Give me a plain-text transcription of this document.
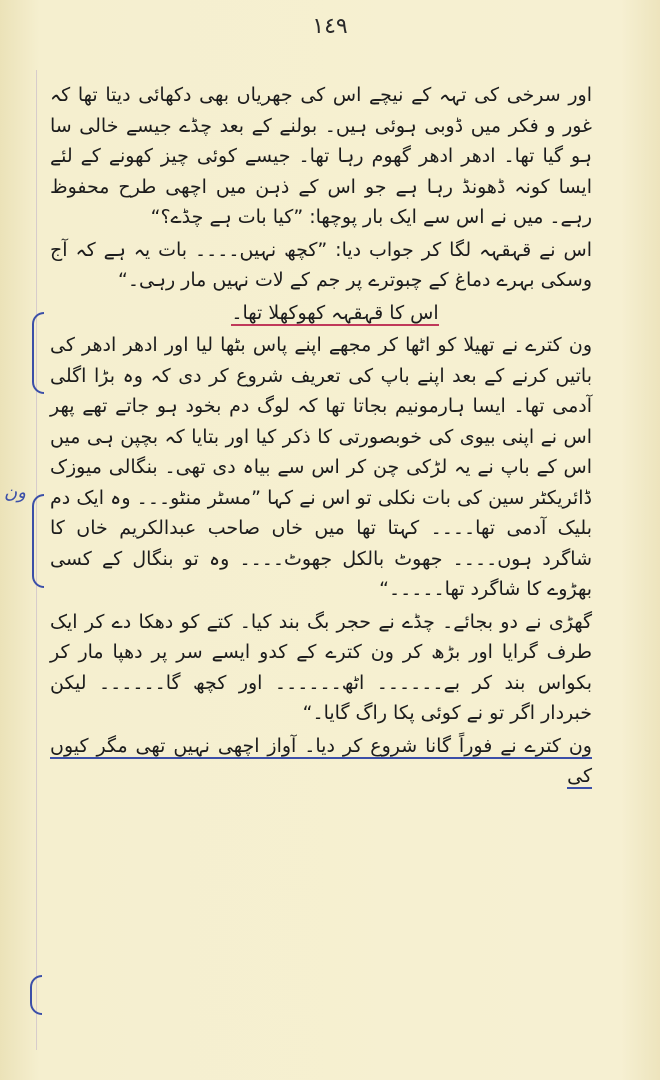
١٤٩
ون

اور سرخی کی تہہ کے نیچے اس کی جھریاں بھی دکھائی دیتا تھا کہ غور و فکر میں ڈوبی ہوئی ہیں۔ بولنے کے بعد چڈے جیسے خالی سا ہو گیا تھا۔ ادھر ادھر گھوم رہا تھا۔ جیسے کوئی چیز کھونے کے لئے ایسا کونہ ڈھونڈ رہا ہے جو اس کے ذہن میں اچھی طرح محفوظ رہے۔ میں نے اس سے ایک بار پوچھا: ”کیا بات ہے چڈے؟“

اس نے قہقہہ لگا کر جواب دیا: ”کچھ نہیں۔۔۔۔ بات یہ ہے کہ آج وسکی بہرے دماغ کے چبوترے پر جم کے لات نہیں مار رہی۔“

اس کا قہقہہ کھوکھلا تھا۔

ون کترے نے تھیلا کو اٹھا کر مجھے اپنے پاس بٹھا لیا اور ادھر ادھر کی باتیں کرنے کے بعد اپنے باپ کی تعریف شروع کر دی کہ وہ بڑا اگلی آدمی تھا۔ ایسا ہارمونیم بجاتا تھا کہ لوگ دم بخود ہو جاتے تھے پھر اس نے اپنی بیوی کی خوبصورتی کا ذکر کیا اور بتایا کہ بچپن ہی میں اس کے باپ نے یہ لڑکی چن کر اس سے بیاہ دی تھی۔ بنگالی میوزک ڈائریکٹر سین کی بات نکلی تو اس نے کہا ”مسٹر منٹو۔۔۔ وہ ایک دم بلیک آدمی تھا۔۔۔۔ کہتا تھا میں خاں صاحب عبدالکریم خاں کا شاگرد ہوں۔۔۔۔ جھوٹ بالکل جھوٹ۔۔۔۔ وہ تو بنگال کے کسی بھڑوے کا شاگرد تھا۔۔۔۔۔“

گھڑی نے دو بجائے۔ چڈے نے حجر بگ بند کیا۔ کتے کو دھکا دے کر ایک طرف گرایا اور بڑھ کر ون کترے کے کدو ایسے سر پر دھپا مار کر بکواس بند کر بے۔۔۔۔۔۔ اٹھ۔۔۔۔۔۔ اور کچھ گا۔۔۔۔۔۔ لیکن خبردار اگر تو نے کوئی پکا راگ گایا۔“

ون کترے نے فوراً گانا شروع کر دیا۔ آواز اچھی نہیں تھی مگر کیوں کی
